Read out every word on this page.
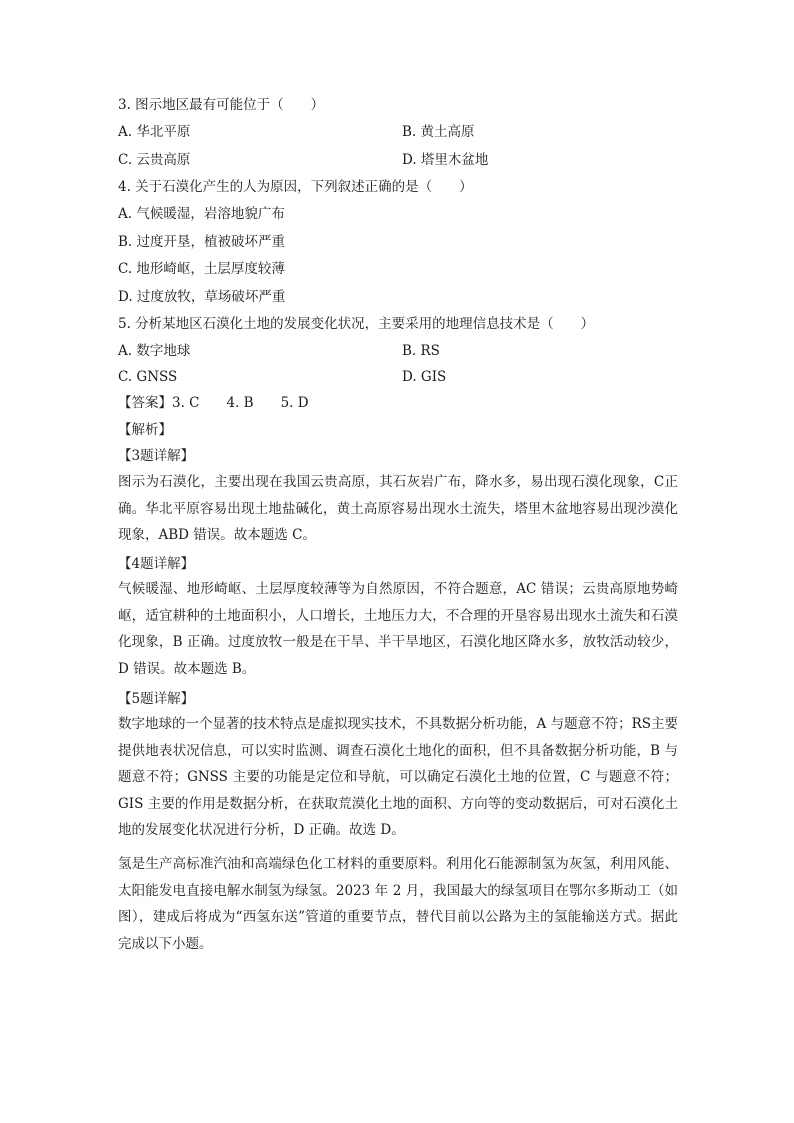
3. 图示地区最有可能位于（　　）
A. 华北平原	B. 黄土高原
C. 云贵高原	D. 塔里木盆地
4. 关于石漠化产生的人为原因，下列叙述正确的是（　　）
A. 气候暖湿，岩溶地貌广布
B. 过度开垦，植被破坏严重
C. 地形崎岖，土层厚度较薄
D. 过度放牧，草场破坏严重
5. 分析某地区石漠化土地的发展变化状况，主要采用的地理信息技术是（　　）
A. 数字地球	B. RS
C. GNSS	D. GIS
【答案】3. C　　4. B　　5. D
【解析】
【3题详解】
图示为石漠化，主要出现在我国云贵高原，其石灰岩广布，降水多，易出现石漠化现象，C正确。华北平原容易出现土地盐碱化，黄土高原容易出现水土流失，塔里木盆地容易出现沙漠化现象，ABD 错误。故本题选 C。
【4题详解】
气候暖湿、地形崎岖、土层厚度较薄等为自然原因，不符合题意，AC 错误；云贵高原地势崎岖，适宜耕种的土地面积小，人口增长，土地压力大，不合理的开垦容易出现水土流失和石漠化现象，B 正确。过度放牧一般是在干旱、半干旱地区，石漠化地区降水多，放牧活动较少，D 错误。故本题选 B。
【5题详解】
数字地球的一个显著的技术特点是虚拟现实技术，不具数据分析功能，A 与题意不符；RS主要提供地表状况信息，可以实时监测、调查石漠化土地化的面积，但不具备数据分析功能，B 与题意不符；GNSS 主要的功能是定位和导航，可以确定石漠化土地的位置，C 与题意不符；GIS 主要的作用是数据分析，在获取荒漠化土地的面积、方向等的变动数据后，可对石漠化土地的发展变化状况进行分析，D 正确。故选 D。
氢是生产高标准汽油和高端绿色化工材料的重要原料。利用化石能源制氢为灰氢，利用风能、太阳能发电直接电解水制氢为绿氢。2023 年 2 月，我国最大的绿氢项目在鄂尔多斯动工（如图），建成后将成为“西氢东送”管道的重要节点，替代目前以公路为主的氢能输送方式。据此完成以下小题。
